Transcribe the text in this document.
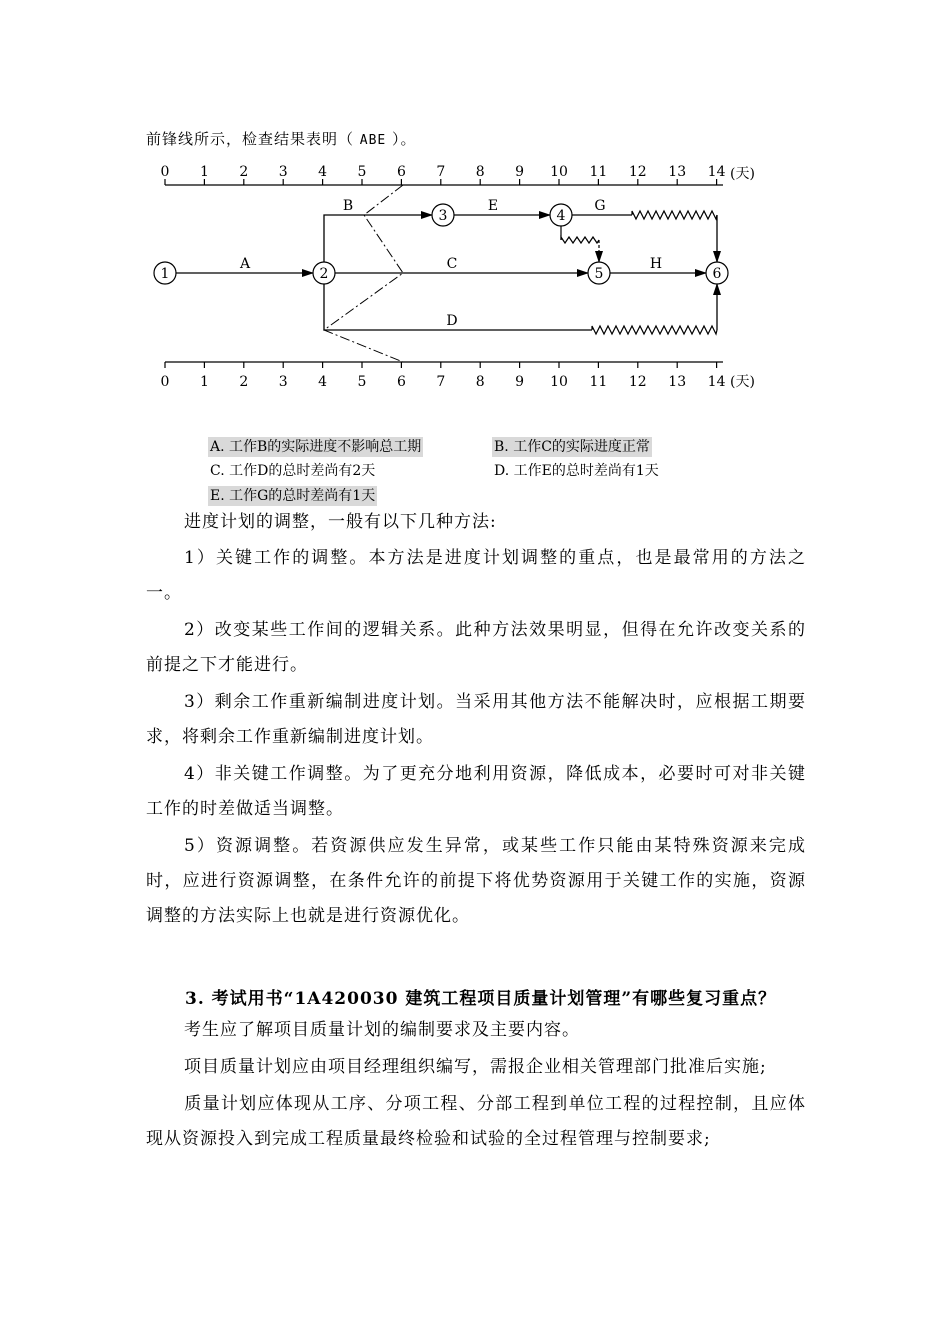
前锋线所示，检查结果表明（ ABE ）。
0 1 2 3 4 5 6 7 8 9 10 11 12 13 14
0 1 2 3 4 5 6 7 8 9 10 11 12 13 14
(天)
(天)
1	2
3	4
5	6
A
B	E	G
C	H
D
A. 工作B的实际进度不影响总工期	B. 工作C的实际进度正常
C. 工作D的总时差尚有2天	D. 工作E的总时差尚有1天
E. 工作G的总时差尚有1天
进度计划的调整，一般有以下几种方法:
1）关键工作的调整。本方法是进度计划调整的重点，也是最常用的方法之一。
2）改变某些工作间的逻辑关系。此种方法效果明显，但得在允许改变关系的前提之下才能进行。
3）剩余工作重新编制进度计划。当采用其他方法不能解决时，应根据工期要求，将剩余工作重新编制进度计划。
4）非关键工作调整。为了更充分地利用资源，降低成本，必要时可对非关键工作的时差做适当调整。
5）资源调整。若资源供应发生异常，或某些工作只能由某特殊资源来完成时，应进行资源调整，在条件允许的前提下将优势资源用于关键工作的实施，资源调整的方法实际上也就是进行资源优化。
3. 考试用书“1A420030 建筑工程项目质量计划管理”有哪些复习重点？
考生应了解项目质量计划的编制要求及主要内容。
项目质量计划应由项目经理组织编写，需报企业相关管理部门批准后实施;
质量计划应体现从工序、分项工程、分部工程到单位工程的过程控制，且应体现从资源投入到完成工程质量最终检验和试验的全过程管理与控制要求;
